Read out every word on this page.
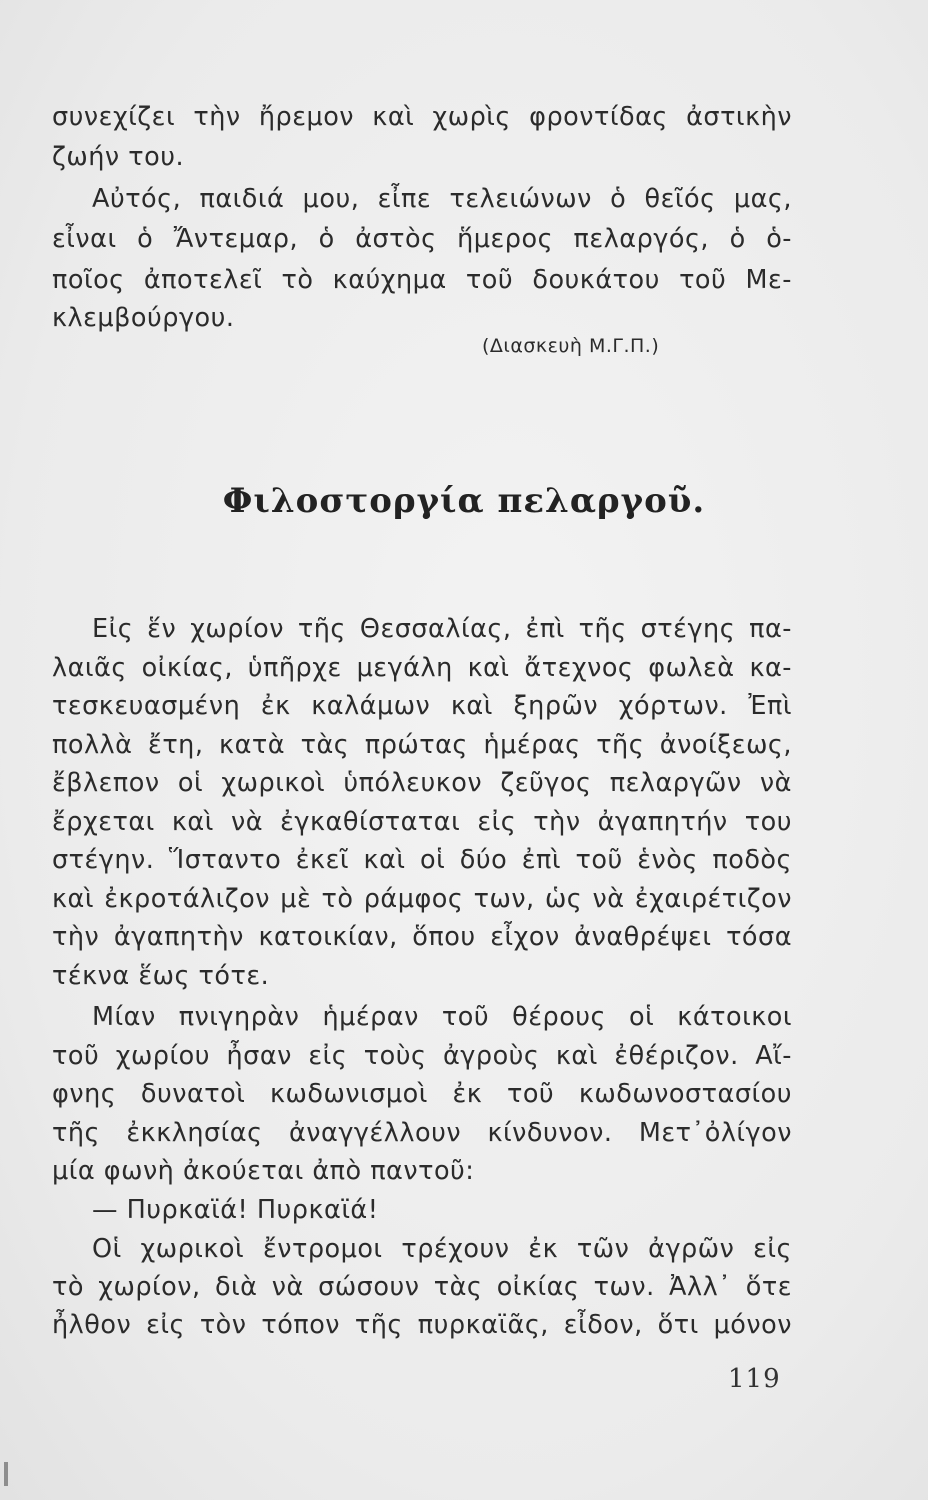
συνεχίζει τὴν ἤρεμον καὶ χωρὶς φροντίδας ἀστικὴν
ζωήν του.
Αὐτός, παιδιά μου, εἶπε τελειώνων ὁ θεῖός μας,
εἶναι ὁ Ἄντεμαρ, ὁ ἀστὸς ἥμερος πελαργός, ὁ ὁ-
ποῖος ἀποτελεῖ τὸ καύχημα τοῦ δουκάτου τοῦ Με-
κλεμβούργου.
(Διασκευὴ Μ.Γ.Π.)
Φιλοστοργία πελαργοῦ.
Εἰς ἕν χωρίον τῆς Θεσσαλίας, ἐπὶ τῆς στέγης πα-
λαιᾶς οἰκίας, ὑπῆρχε μεγάλη καὶ ἄτεχνος φωλεὰ κα-
τεσκευασμένη ἐκ καλάμων καὶ ξηρῶν χόρτων. Ἐπὶ
πολλὰ ἔτη, κατὰ τὰς πρώτας ἡμέρας τῆς ἀνοίξεως,
ἔβλεπον οἱ χωρικοὶ ὑπόλευκον ζεῦγος πελαργῶν νὰ
ἔρχεται καὶ νὰ ἐγκαθίσταται εἰς τὴν ἀγαπητήν του
στέγην. Ἵσταντο ἐκεῖ καὶ οἱ δύο ἐπὶ τοῦ ἑνὸς ποδὸς
καὶ ἐκροτάλιζον μὲ τὸ ράμφος των, ὡς νὰ ἐχαιρέτιζον
τὴν ἀγαπητὴν κατοικίαν, ὅπου εἶχον ἀναθρέψει τόσα
τέκνα ἕως τότε.
Μίαν πνιγηρὰν ἡμέραν τοῦ θέρους οἱ κάτοικοι
τοῦ χωρίου ἦσαν εἰς τοὺς ἀγροὺς καὶ ἐθέριζον. Αἴ-
φνης δυνατοὶ κωδωνισμοὶ ἐκ τοῦ κωδωνοστασίου
τῆς ἐκκλησίας ἀναγγέλλουν κίνδυνον. Μετ᾽ὀλίγον
μία φωνὴ ἀκούεται ἀπὸ παντοῦ:
— Πυρκαϊά! Πυρκαϊά!
Οἱ χωρικοὶ ἔντρομοι τρέχουν ἐκ τῶν ἀγρῶν εἰς
τὸ χωρίον, διὰ νὰ σώσουν τὰς οἰκίας των. Ἀλλ᾽ ὅτε
ἦλθον εἰς τὸν τόπον τῆς πυρκαϊᾶς, εἶδον, ὅτι μόνον
119
